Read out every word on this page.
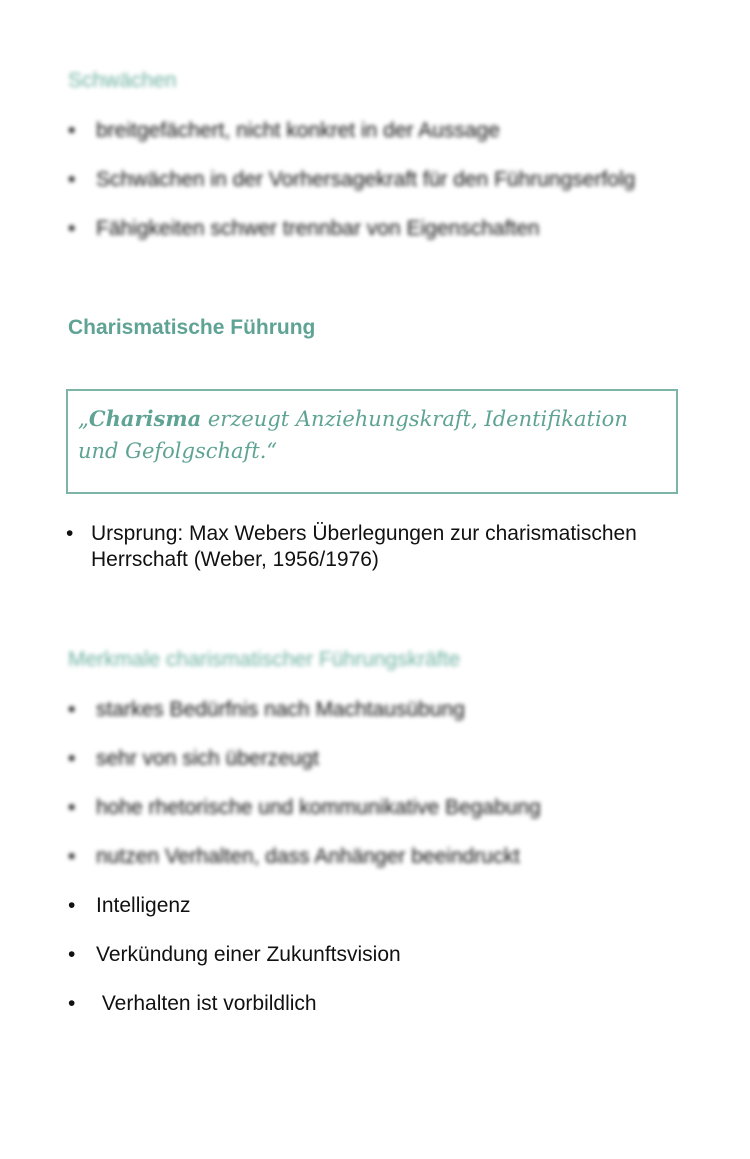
Schwächen
• breitgefächert, nicht konkret in der Aussage
• Schwächen in der Vorhersagekraft für den Führungserfolg
• Fähigkeiten schwer trennbar von Eigenschaften
Charismatische Führung
„Charisma erzeugt Anziehungskraft, Identifikation und Gefolgschaft.“
• Ursprung: Max Webers Überlegungen zur charismatischen Herrschaft (Weber, 1956/1976)
Merkmale charismatischer Führungskräfte
• starkes Bedürfnis nach Machtausübung
• sehr von sich überzeugt
• hohe rhetorische und kommunikative Begabung
• nutzen Verhalten, dass Anhänger beeindruckt
• Intelligenz
• Verkündung einer Zukunftsvision
• Verhalten ist vorbildlich
